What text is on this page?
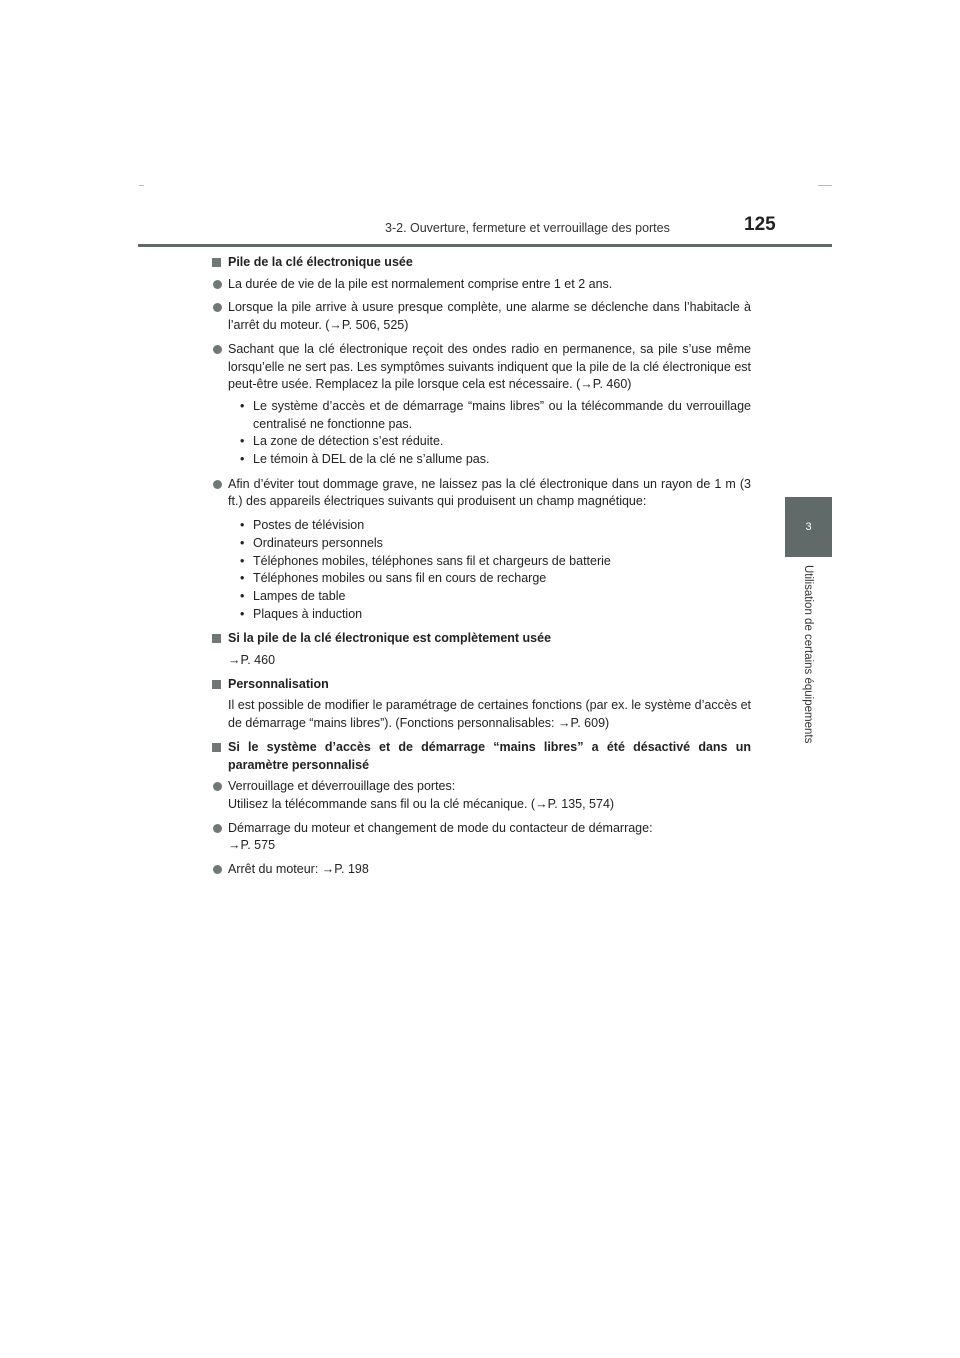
3-2. Ouverture, fermeture et verrouillage des portes	125
3
Utilisation de certains équipements
Pile de la clé électronique usée
La durée de vie de la pile est normalement comprise entre 1 et 2 ans.
Lorsque la pile arrive à usure presque complète, une alarme se déclenche dans l’habitacle à l’arrêt du moteur. (→P. 506, 525)
Sachant que la clé électronique reçoit des ondes radio en permanence, sa pile s’use même lorsqu’elle ne sert pas. Les symptômes suivants indiquent que la pile de la clé électronique est peut-être usée. Remplacez la pile lorsque cela est nécessaire. (→P. 460)
• Le système d’accès et de démarrage “mains libres” ou la télécommande du verrouillage centralisé ne fonctionne pas.
• La zone de détection s’est réduite.
• Le témoin à DEL de la clé ne s’allume pas.
Afin d’éviter tout dommage grave, ne laissez pas la clé électronique dans un rayon de 1 m (3 ft.) des appareils électriques suivants qui produisent un champ magnétique:
• Postes de télévision
• Ordinateurs personnels
• Téléphones mobiles, téléphones sans fil et chargeurs de batterie
• Téléphones mobiles ou sans fil en cours de recharge
• Lampes de table
• Plaques à induction
Si la pile de la clé électronique est complètement usée
→P. 460
Personnalisation
Il est possible de modifier le paramétrage de certaines fonctions (par ex. le système d’accès et de démarrage “mains libres”). (Fonctions personnalisables: →P. 609)
Si le système d’accès et de démarrage “mains libres” a été désactivé dans un paramètre personnalisé
Verrouillage et déverrouillage des portes:
Utilisez la télécommande sans fil ou la clé mécanique. (→P. 135, 574)
Démarrage du moteur et changement de mode du contacteur de démarrage:
→P. 575
Arrêt du moteur: →P. 198
